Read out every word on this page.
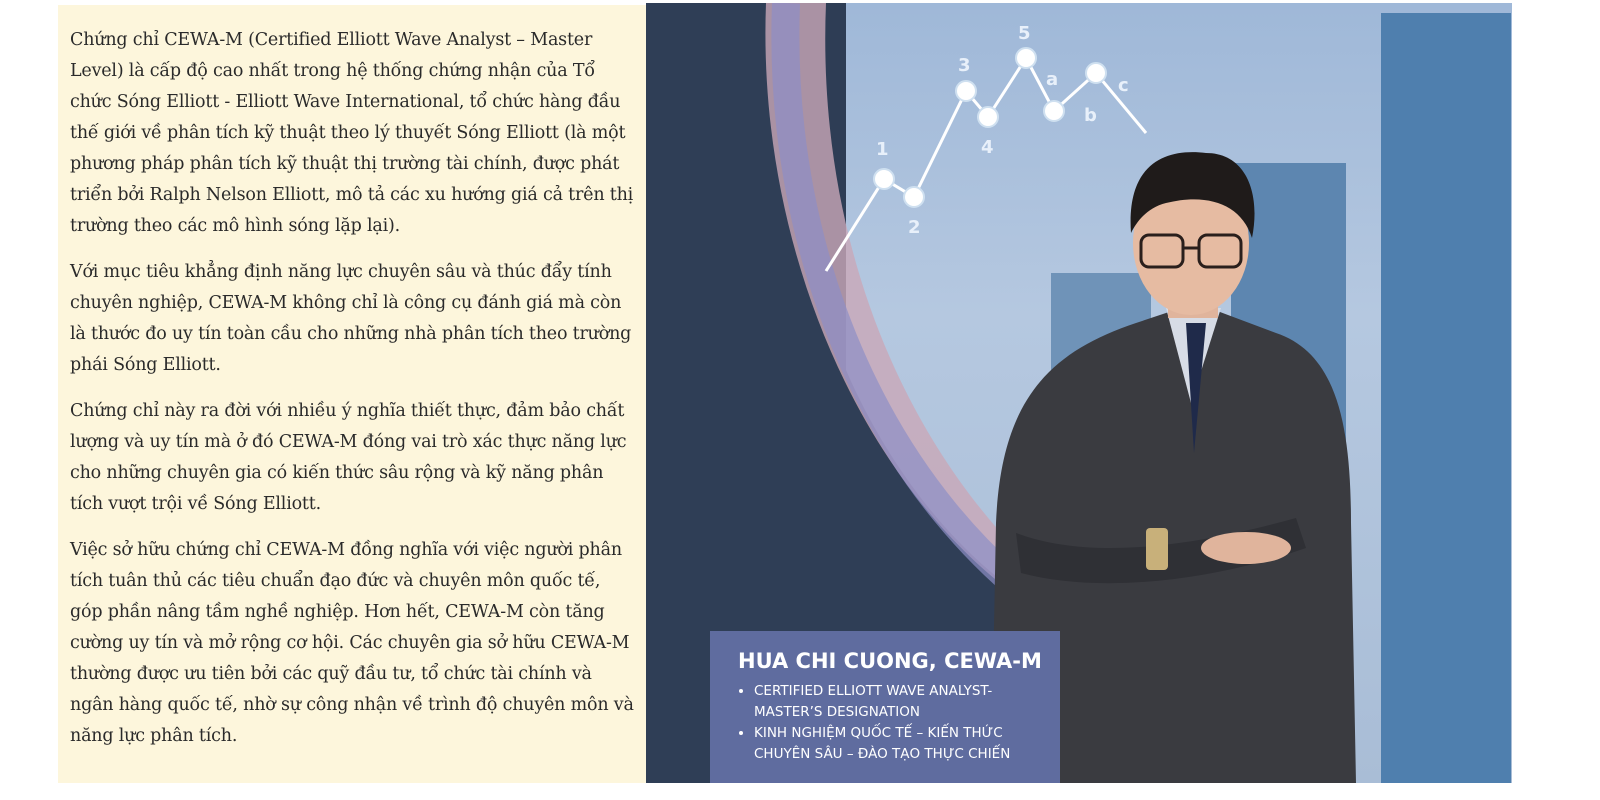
Chứng chỉ CEWA-M (Certified Elliott Wave Analyst – Master Level) là cấp độ cao nhất trong hệ thống chứng nhận của Tổ chức Sóng Elliott - Elliott Wave International, tổ chức hàng đầu thế giới về phân tích kỹ thuật theo lý thuyết Sóng Elliott (là một phương pháp phân tích kỹ thuật thị trường tài chính, được phát triển bởi Ralph Nelson Elliott, mô tả các xu hướng giá cả trên thị trường theo các mô hình sóng lặp lại).

Với mục tiêu khẳng định năng lực chuyên sâu và thúc đẩy tính chuyên nghiệp, CEWA-M không chỉ là công cụ đánh giá mà còn là thước đo uy tín toàn cầu cho những nhà phân tích theo trường phái Sóng Elliott.

Chứng chỉ này ra đời với nhiều ý nghĩa thiết thực, đảm bảo chất lượng và uy tín mà ở đó CEWA-M đóng vai trò xác thực năng lực cho những chuyên gia có kiến thức sâu rộng và kỹ năng phân tích vượt trội về Sóng Elliott.

Việc sở hữu chứng chỉ CEWA-M đồng nghĩa với việc người phân tích tuân thủ các tiêu chuẩn đạo đức và chuyên môn quốc tế, góp phần nâng tầm nghề nghiệp. Hơn hết, CEWA-M còn tăng cường uy tín và mở rộng cơ hội. Các chuyên gia sở hữu CEWA-M thường được ưu tiên bởi các quỹ đầu tư, tổ chức tài chính và ngân hàng quốc tế, nhờ sự công nhận về trình độ chuyên môn và năng lực phân tích.

1
2
3
4
5
a
b
c
HUA CHI CUONG, CEWA-M
• CERTIFIED ELLIOTT WAVE ANALYST- MASTER’S DESIGNATION
• KINH NGHIỆM QUỐC TẾ – KIẾN THỨC CHUYÊN SÂU – ĐÀO TẠO THỰC CHIẾN
